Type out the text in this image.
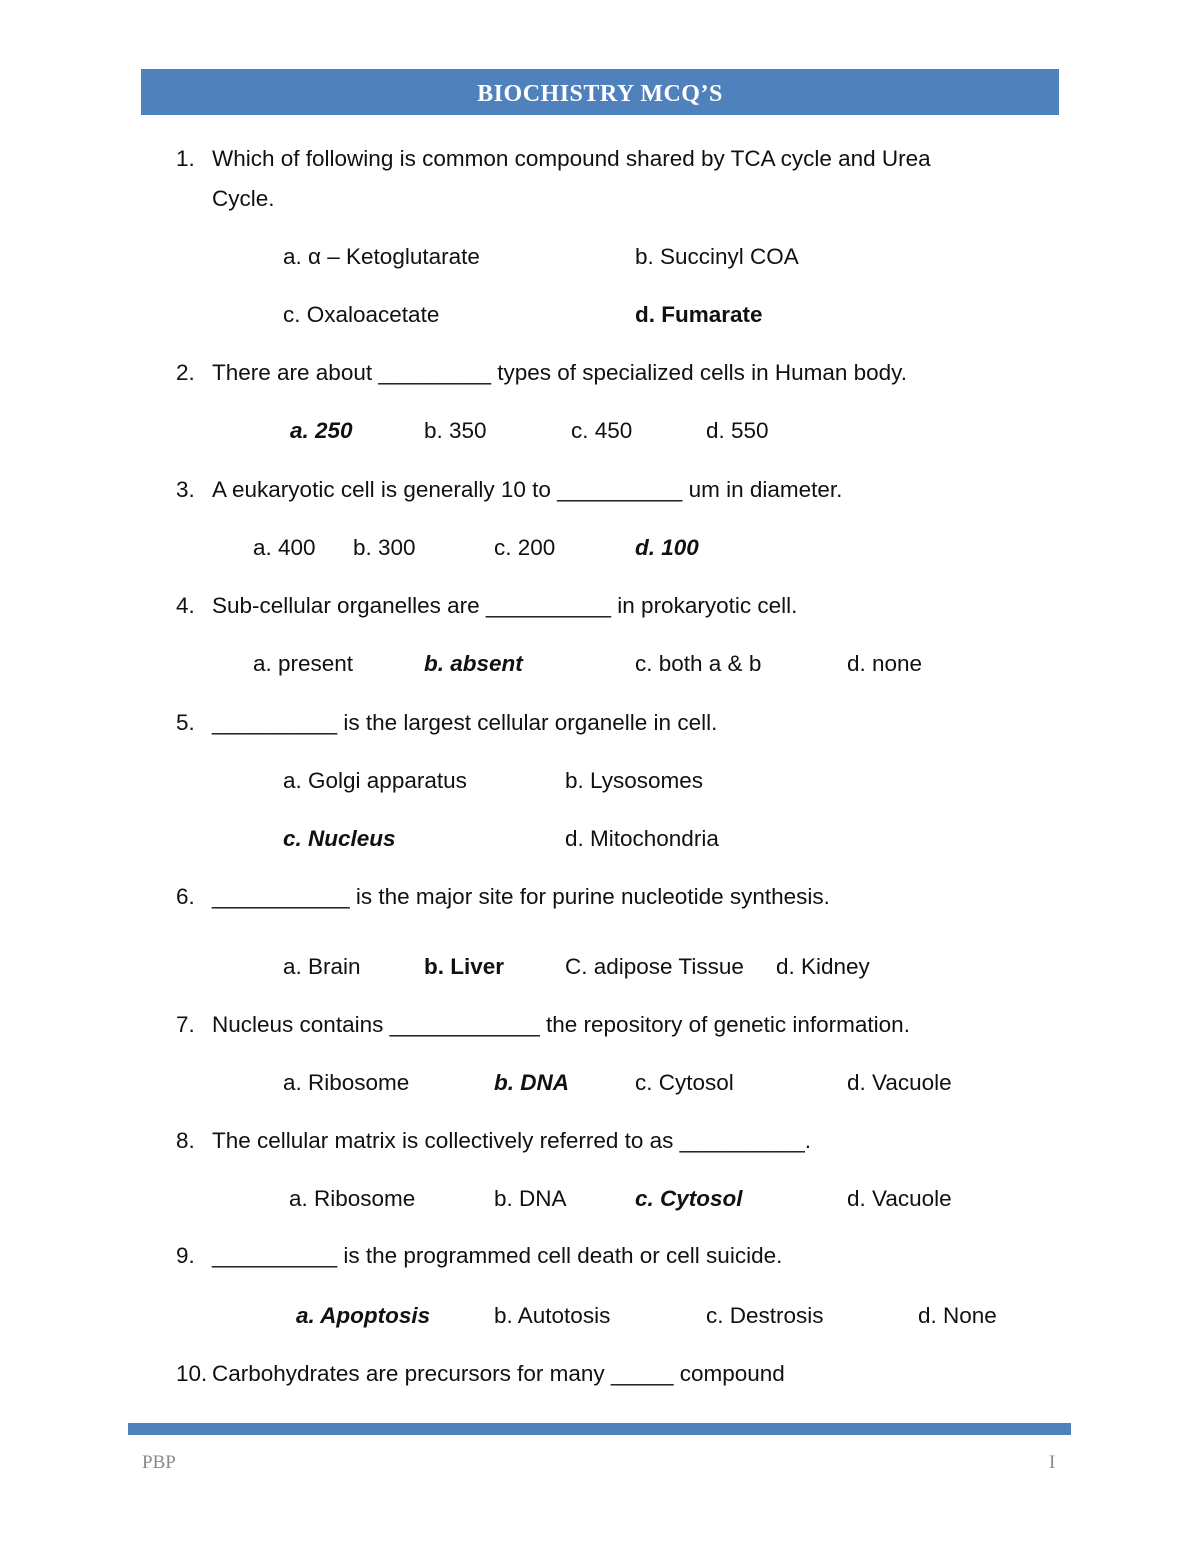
BIOCHISTRY MCQ’S
1. Which of following is common compound shared by TCA cycle and Urea
Cycle.
a. α – Ketoglutarate	b. Succinyl COA
c. Oxaloacetate	d. Fumarate
2. There are about _________ types of specialized cells in Human body.
a. 250	b. 350	c. 450	d. 550
3. A eukaryotic cell is generally 10 to __________ um in diameter.
a. 400 b. 300	c. 200	d. 100
4. Sub-cellular organelles are __________ in prokaryotic cell.
a. present	b. absent	c. both a & b	d. none
5. __________ is the largest cellular organelle in cell.
a. Golgi apparatus	b. Lysosomes
c. Nucleus	d. Mitochondria
6. ___________ is the major site for purine nucleotide synthesis.
a. Brain	b. Liver	C. adipose Tissue d. Kidney
7. Nucleus contains ____________ the repository of genetic information.
a. Ribosome	b. DNA	c. Cytosol	d. Vacuole
8. The cellular matrix is collectively referred to as __________.
a. Ribosome	b. DNA	c. Cytosol	d. Vacuole
9. __________ is the programmed cell death or cell suicide.
a. Apoptosis	b. Autotosis	c. Destrosis	d. None
10. Carbohydrates are precursors for many _____ compound
PBP	I
